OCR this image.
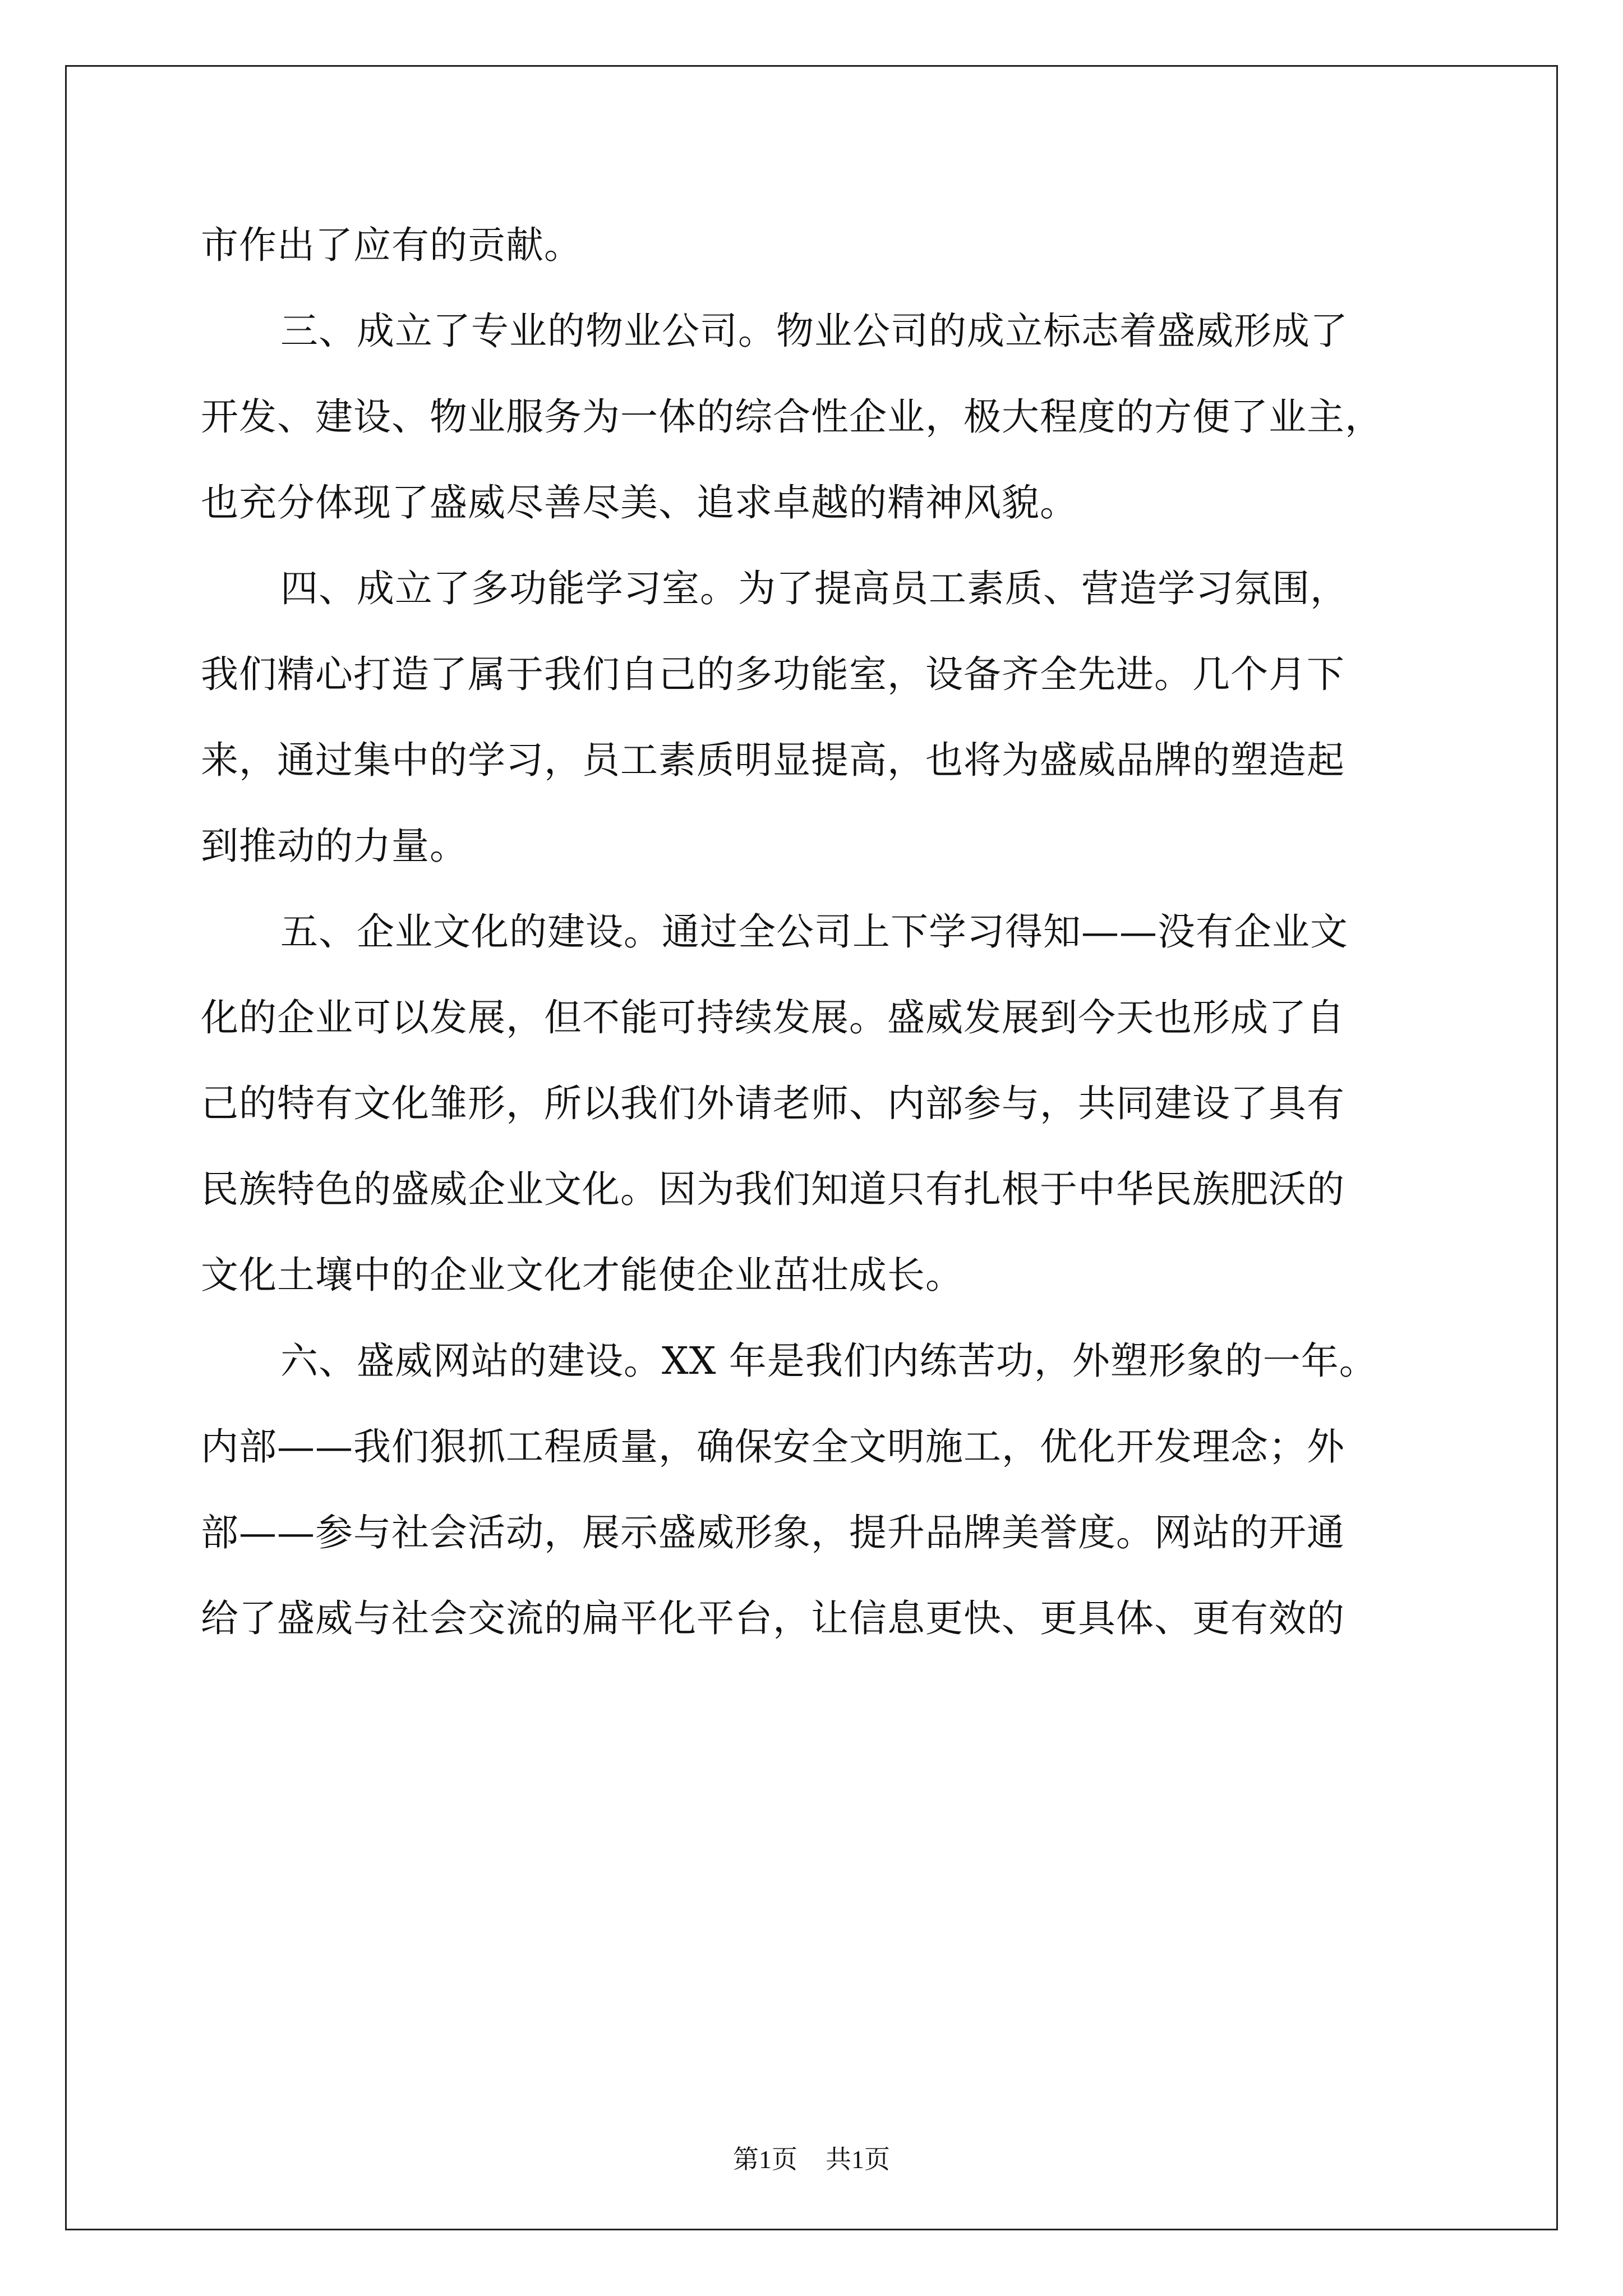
市作出了应有的贡献。
三、成立了专业的物业公司。物业公司的成立标志着盛威形成了
开发、建设、物业服务为一体的综合性企业，极大程度的方便了业主，
也充分体现了盛威尽善尽美、追求卓越的精神风貌。
四、成立了多功能学习室。为了提高员工素质、营造学习氛围，
我们精心打造了属于我们自己的多功能室，设备齐全先进。几个月下
来，通过集中的学习，员工素质明显提高，也将为盛威品牌的塑造起
到推动的力量。
五、企业文化的建设。通过全公司上下学习得知——没有企业文
化的企业可以发展，但不能可持续发展。盛威发展到今天也形成了自
己的特有文化雏形，所以我们外请老师、内部参与，共同建设了具有
民族特色的盛威企业文化。因为我们知道只有扎根于中华民族肥沃的
文化土壤中的企业文化才能使企业茁壮成长。
六、盛威网站的建设。XX 年是我们内练苦功，外塑形象的一年。
内部——我们狠抓工程质量，确保安全文明施工，优化开发理念；外
部——参与社会活动，展示盛威形象，提升品牌美誉度。网站的开通
给了盛威与社会交流的扁平化平台，让信息更快、更具体、更有效的
第1页 共1页
